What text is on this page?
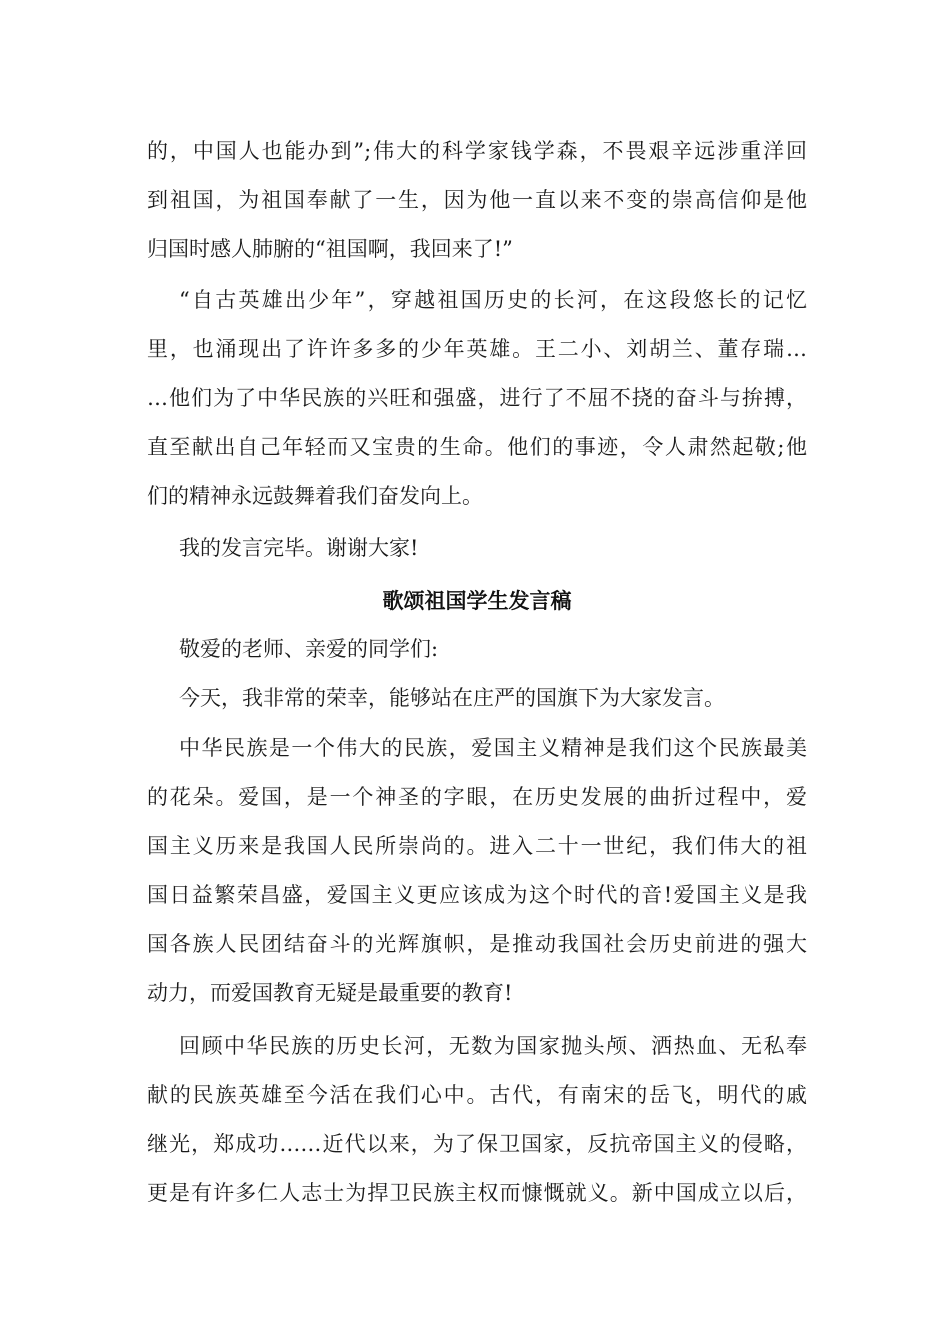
的，中国人也能办到”;伟大的科学家钱学森，不畏艰辛远涉重洋回
到祖国，为祖国奉献了一生，因为他一直以来不变的崇高信仰是他
归国时感人肺腑的“祖国啊，我回来了!”
“自古英雄出少年”，穿越祖国历史的长河，在这段悠长的记忆
里，也涌现出了许许多多的少年英雄。王二小、刘胡兰、董存瑞…
…他们为了中华民族的兴旺和强盛，进行了不屈不挠的奋斗与拚搏，
直至献出自己年轻而又宝贵的生命。他们的事迹，令人肃然起敬;他
们的精神永远鼓舞着我们奋发向上。
我的发言完毕。谢谢大家!
歌颂祖国学生发言稿
敬爱的老师、亲爱的同学们:
今天，我非常的荣幸，能够站在庄严的国旗下为大家发言。
中华民族是一个伟大的民族，爱国主义精神是我们这个民族最美
的花朵。爱国，是一个神圣的字眼，在历史发展的曲折过程中，爱
国主义历来是我国人民所崇尚的。进入二十一世纪，我们伟大的祖
国日益繁荣昌盛，爱国主义更应该成为这个时代的音!爱国主义是我
国各族人民团结奋斗的光辉旗帜，是推动我国社会历史前进的强大
动力，而爱国教育无疑是最重要的教育!
回顾中华民族的历史长河，无数为国家抛头颅、洒热血、无私奉
献的民族英雄至今活在我们心中。古代，有南宋的岳飞，明代的戚
继光，郑成功……近代以来，为了保卫国家，反抗帝国主义的侵略，
更是有许多仁人志士为捍卫民族主权而慷慨就义。新中国成立以后，
